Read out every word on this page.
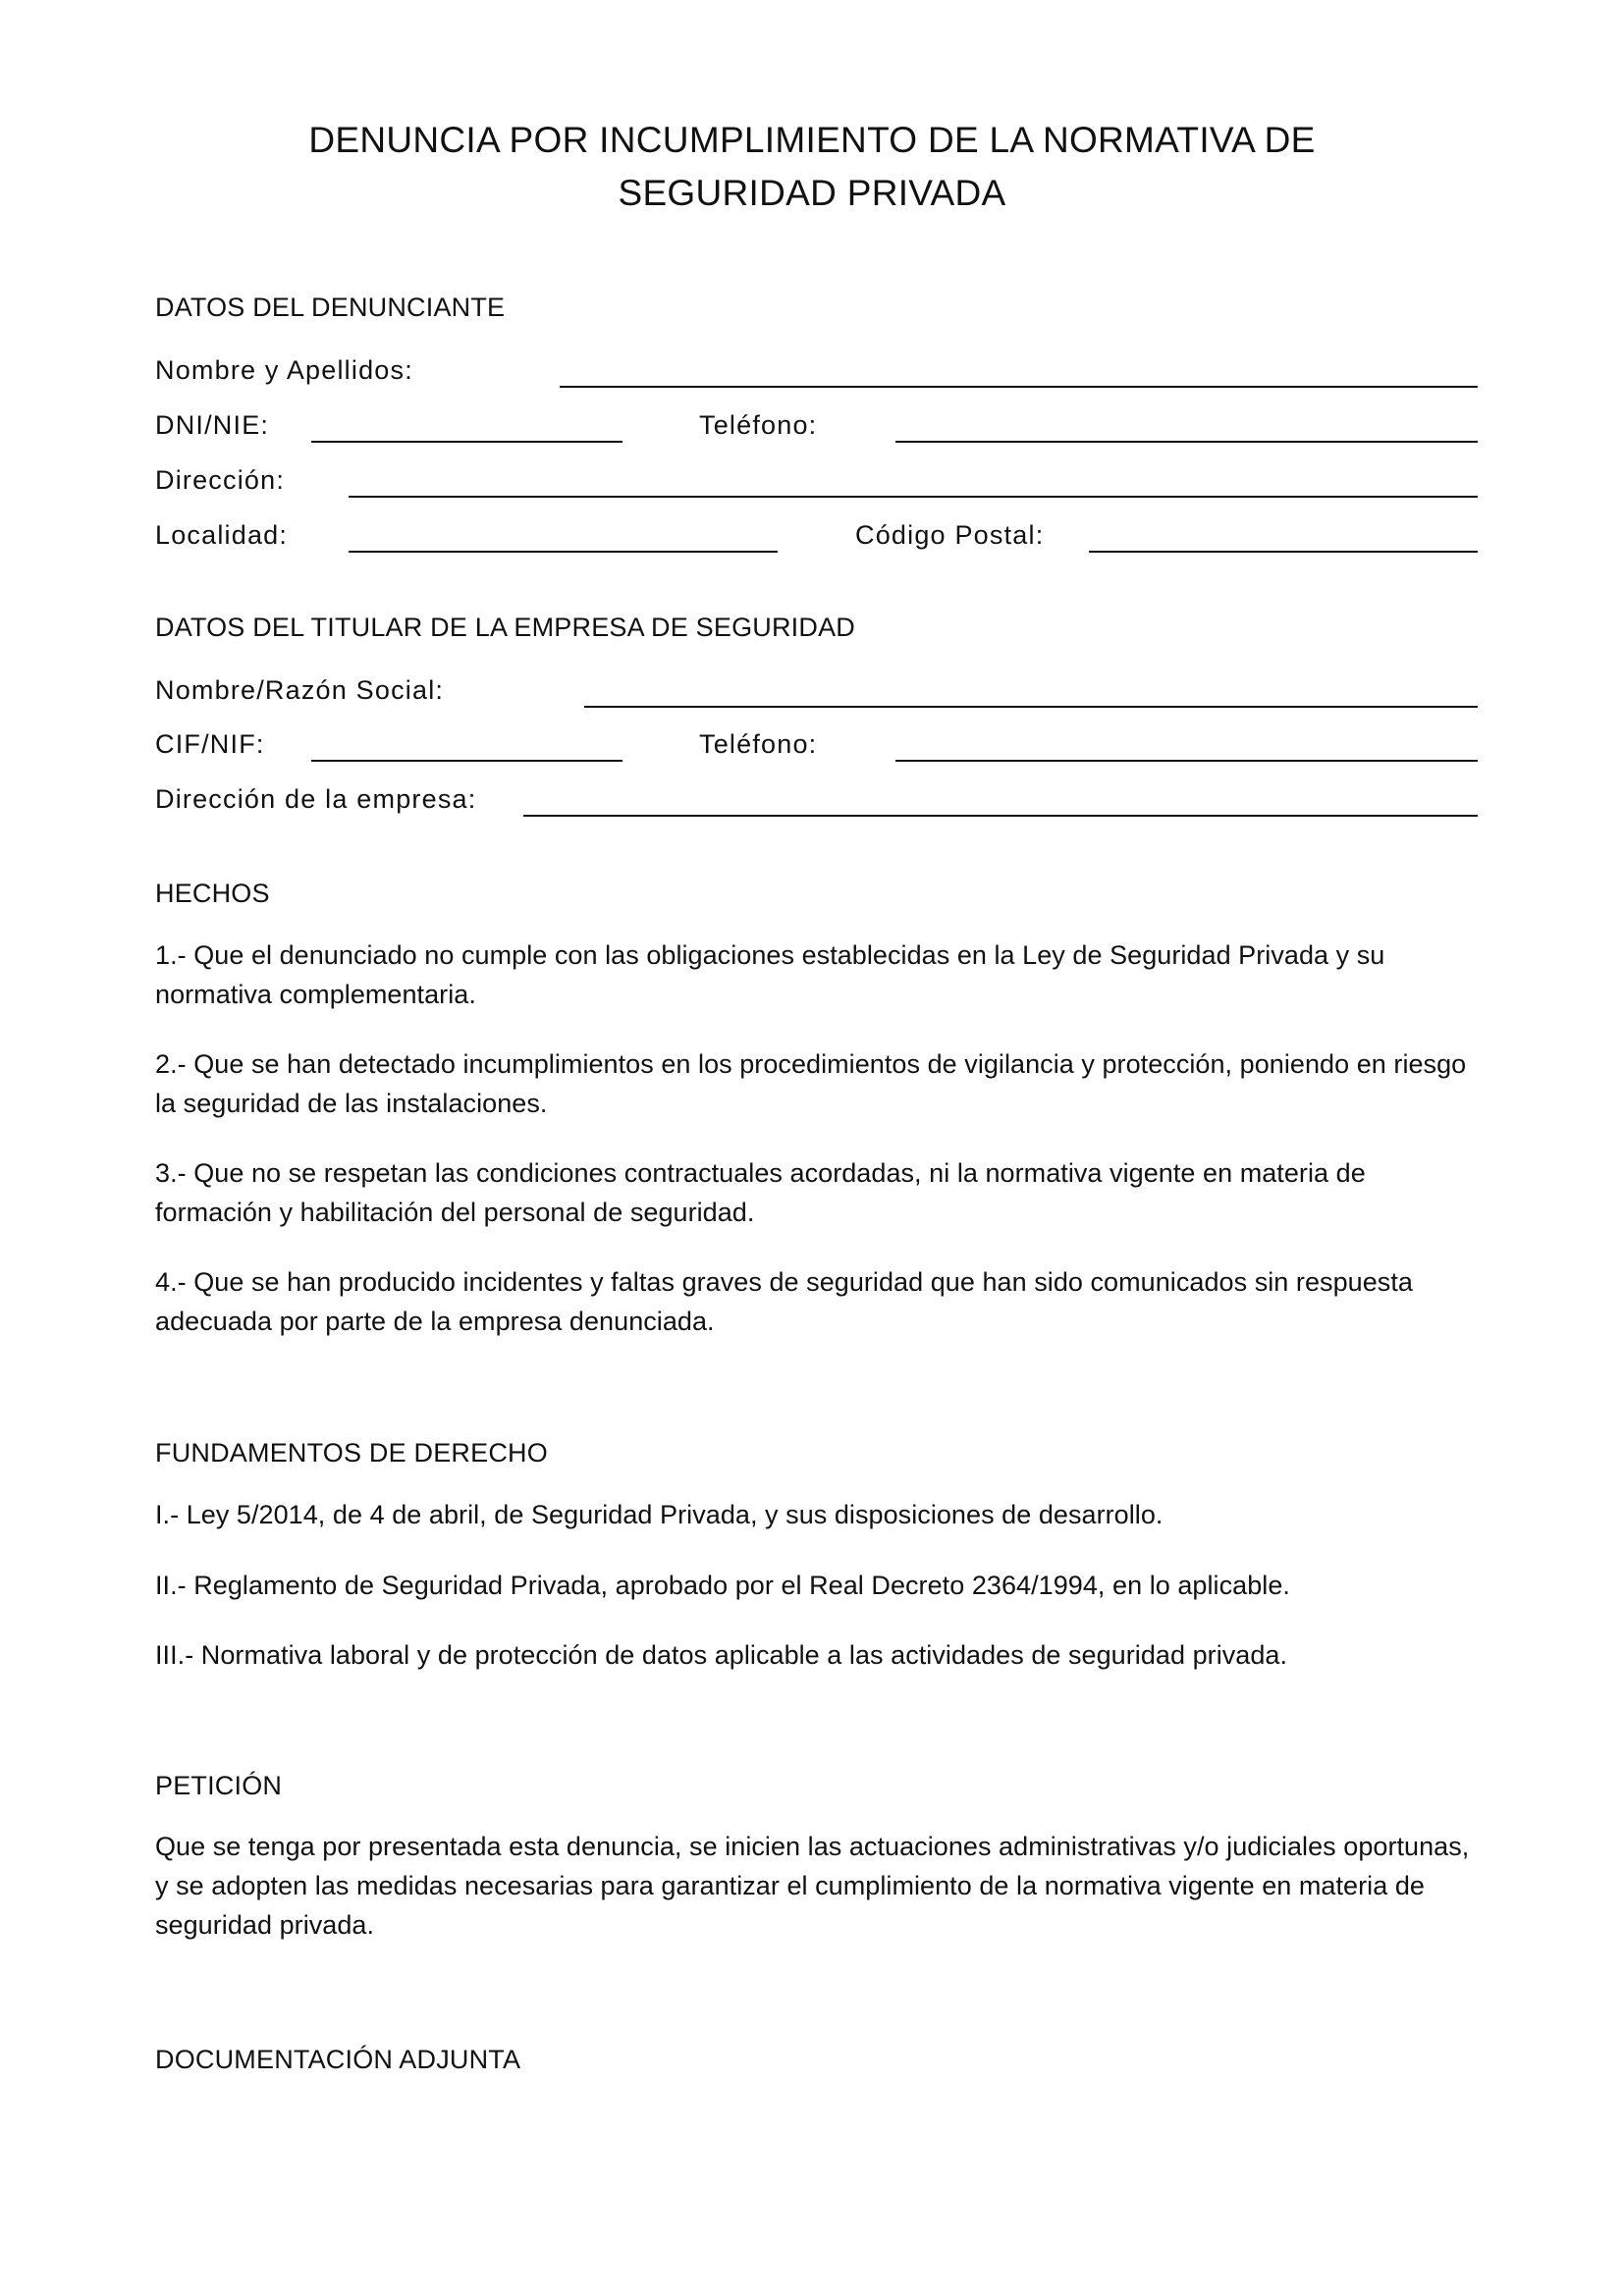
DENUNCIA POR INCUMPLIMIENTO DE LA NORMATIVA DE
SEGURIDAD PRIVADA
DATOS DEL DENUNCIANTE
Nombre y Apellidos:
DNI/NIE:	Teléfono:
Dirección:
Localidad:	Código Postal:
DATOS DEL TITULAR DE LA EMPRESA DE SEGURIDAD
Nombre/Razón Social:
CIF/NIF:	Teléfono:
Dirección de la empresa:
HECHOS
1.- Que el denunciado no cumple con las obligaciones establecidas en la Ley de Seguridad Privada y su normativa complementaria.
2.- Que se han detectado incumplimientos en los procedimientos de vigilancia y protección, poniendo en riesgo la seguridad de las instalaciones.
3.- Que no se respetan las condiciones contractuales acordadas, ni la normativa vigente en materia de formación y habilitación del personal de seguridad.
4.- Que se han producido incidentes y faltas graves de seguridad que han sido comunicados sin respuesta adecuada por parte de la empresa denunciada.
FUNDAMENTOS DE DERECHO
I.- Ley 5/2014, de 4 de abril, de Seguridad Privada, y sus disposiciones de desarrollo.
II.- Reglamento de Seguridad Privada, aprobado por el Real Decreto 2364/1994, en lo aplicable.
III.- Normativa laboral y de protección de datos aplicable a las actividades de seguridad privada.
PETICIÓN
Que se tenga por presentada esta denuncia, se inicien las actuaciones administrativas y/o judiciales oportunas, y se adopten las medidas necesarias para garantizar el cumplimiento de la normativa vigente en materia de seguridad privada.
DOCUMENTACIÓN ADJUNTA
